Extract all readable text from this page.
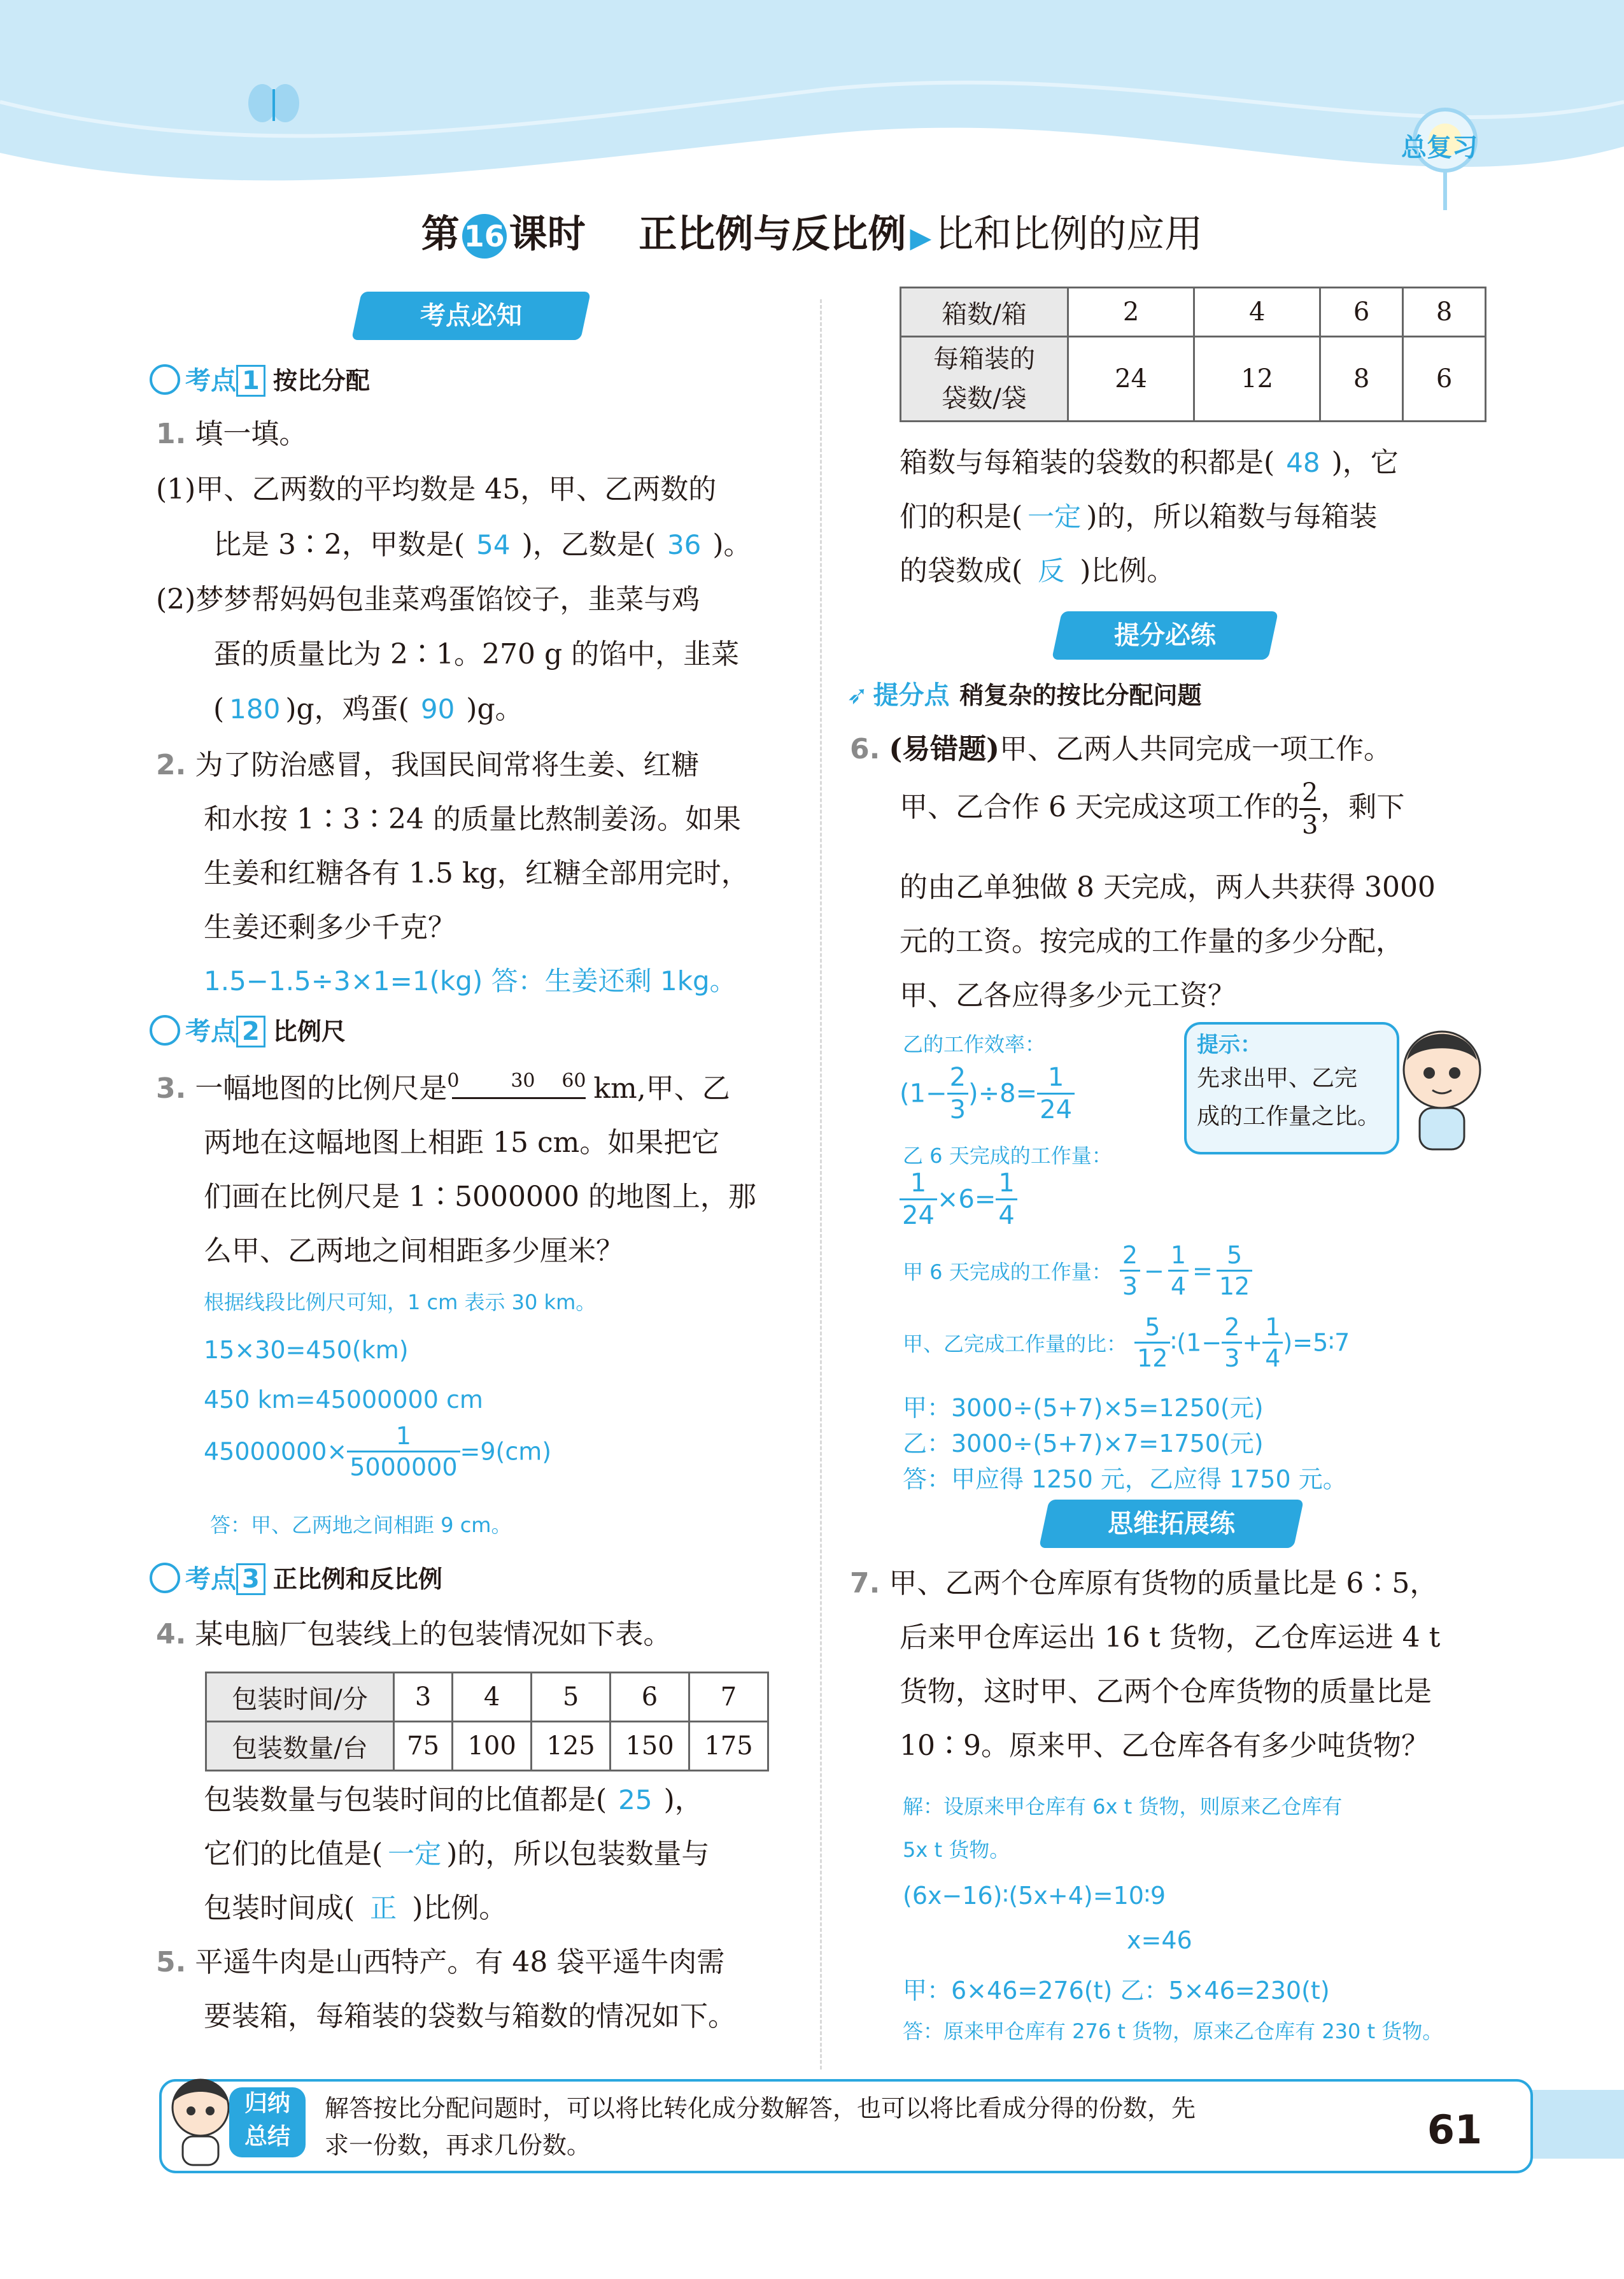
总复习
第 16 课时 正比例与反比例 ▶ 比和比例的应用
考点必知
考点 1 按比分配
1. 填一填。
(1)甲、乙两数的平均数是 45，甲、乙两数的
比是 3∶2，甲数是( 54 )，乙数是( 36 )。
(2)梦梦帮妈妈包韭菜鸡蛋馅饺子，韭菜与鸡
蛋的质量比为 2∶1。270 g 的馅中，韭菜
( 180 )g，鸡蛋( 90 )g。
2. 为了防治感冒，我国民间常将生姜、红糖
和水按 1∶3∶24 的质量比熬制姜汤。如果
生姜和红糖各有 1.5 kg，红糖全部用完时，
生姜还剩多少千克？
1.5−1.5÷3×1=1(kg) 答：生姜还剩 1kg。
考点 2 比例尺
3. 一幅地图的比例尺是 0	30 60 km,甲、乙
两地在这幅地图上相距 15 cm。如果把它
们画在比例尺是 1∶5000000 的地图上，那
么甲、乙两地之间相距多少厘米？
根据线段比例尺可知，1 cm 表示 30 km。
15×30=450(km)
450 km=45000000 cm
$45000000\times \frac{1}{5000000} =9(cm)$
答：甲、乙两地之间相距 9 cm。
考点 3 正比例和反比例
4. 某电脑厂包装线上的包装情况如下表。
包装时间/分	3	4	5	6	7
包装数量/台	75	100	125	150	175
包装数量与包装时间的比值都是( 25 )，
它们的比值是( 一定 )的，所以包装数量与
包装时间成( 正 )比例。
5. 平遥牛肉是山西特产。有 48 袋平遥牛肉需
要装箱，每箱装的袋数与箱数的情况如下。
箱数/箱	2	4	6	8
每箱装的
袋数/袋	24	12	8	6
箱数与每箱装的袋数的积都是( 48 )，它
们的积是( 一定 )的，所以箱数与每箱装
的袋数成( 反 )比例。
提分必练
➶ 提分点 稍复杂的按比分配问题
6. (易错题)甲、乙两人共同完成一项工作。
甲、乙合作 6 天完成这项工作的 $\frac{2}{3}$ ，剩下
的由乙单独做 8 天完成，两人共获得 3000
元的工资。按完成的工作量的多少分配，
甲、乙各应得多少元工资？
提示：
先求出甲、乙完
成的工作量之比。
乙的工作效率：
$(1- \frac{2}{3} )\div 8= \frac{1}{24}$
乙 6 天完成的工作量：
$\frac{1}{24} \times 6= \frac{1}{4}$
甲 6 天完成的工作量： $\frac{2}{3} - \frac{1}{4} = \frac{5}{12}$
甲、乙完成工作量的比： $\frac{5}{12}$ ∶(1− $\frac{2}{3} + \frac{1}{4}$ )=5∶7
甲：3000÷(5+7)×5=1250(元)
乙：3000÷(5+7)×7=1750(元)
答：甲应得 1250 元，乙应得 1750 元。
思维拓展练
7. 甲、乙两个仓库原有货物的质量比是 6∶5，
后来甲仓库运出 16 t 货物，乙仓库运进 4 t
货物，这时甲、乙两个仓库货物的质量比是
10∶9。原来甲、乙仓库各有多少吨货物？
解：设原来甲仓库有 6x t 货物，则原来乙仓库有
5x t 货物。
(6x−16)∶(5x+4)=10∶9
x=46
甲：6×46=276(t) 乙：5×46=230(t)
答：原来甲仓库有 276 t 货物，原来乙仓库有 230 t 货物。
归纳
总结
解答按比分配问题时，可以将比转化成分数解答，也可以将比看成分得的份数，先
求一份数，再求几份数。	61
